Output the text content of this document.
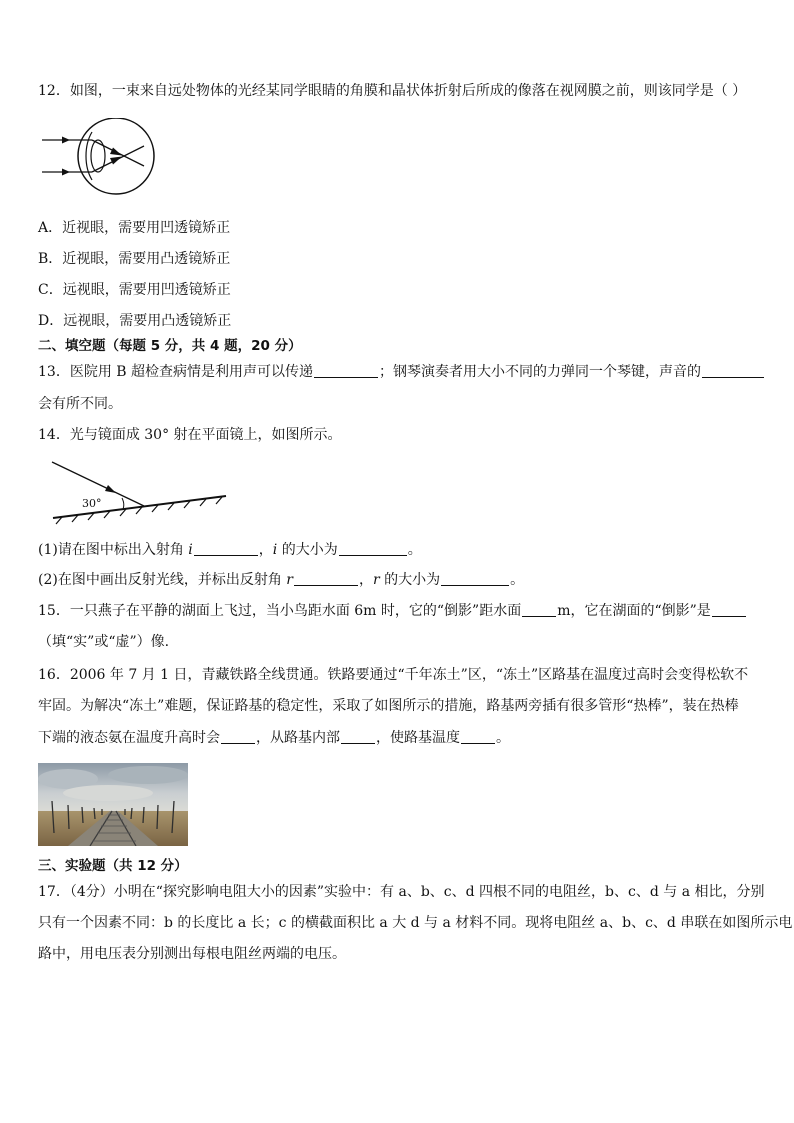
12．如图，一束来自远处物体的光经某同学眼睛的角膜和晶状体折射后所成的像落在视网膜之前，则该同学是（ ）
A．近视眼，需要用凹透镜矫正
B．近视眼，需要用凸透镜矫正
C．远视眼，需要用凹透镜矫正
D．远视眼，需要用凸透镜矫正
二、填空题（每题 5 分，共 4 题，20 分）
13．医院用 B 超检查病情是利用声可以传递	；钢琴演奏者用大小不同的力弹同一个琴键，声音的
会有所不同。
14．光与镜面成 30° 射在平面镜上，如图所示。
30°
(1)请在图中标出入射角 i	，i 的大小为	。
(2)在图中画出反射光线，并标出反射角 r	，r 的大小为	。
15．一只燕子在平静的湖面上飞过，当小鸟距水面 6m 时，它的“倒影”距水面	m，它在湖面的“倒影”是
（填“实”或“虚”）像.
16．2006 年 7 月 1 日，青藏铁路全线贯通。铁路要通过“千年冻土”区，“冻土”区路基在温度过高时会变得松软不
牢固。为解决“冻土”难题，保证路基的稳定性，采取了如图所示的措施，路基两旁插有很多管形“热棒”，装在热棒
下端的液态氨在温度升高时会	，从路基内部	，使路基温度	。
三、实验题（共 12 分）
17．（4分）小明在“探究影响电阻大小的因素”实验中：有 a、b、c、d 四根不同的电阻丝，b、c、d 与 a 相比，分别
只有一个因素不同：b 的长度比 a 长；c 的横截面积比 a 大 d 与 a 材料不同。现将电阻丝 a、b、c、d 串联在如图所示电
路中，用电压表分别测出每根电阻丝两端的电压。
